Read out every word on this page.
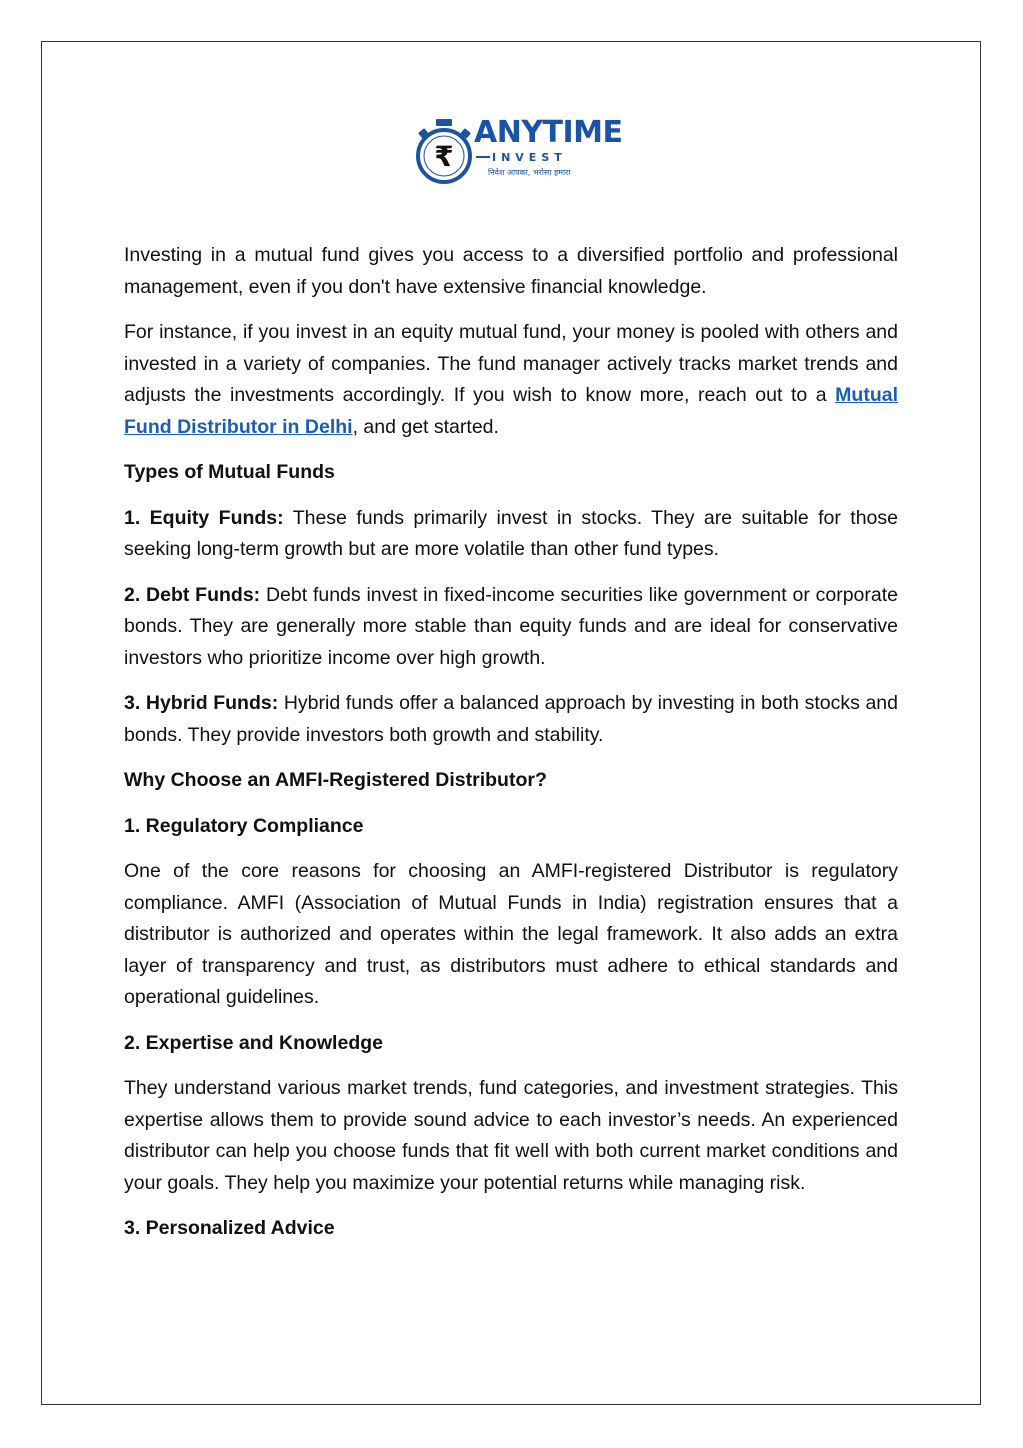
₹
ANYTIME
INVEST
निवेश आपका, भरोसा हमारा

Investing in a mutual fund gives you access to a diversified portfolio and professional management, even if you don't have extensive financial knowledge.

For instance, if you invest in an equity mutual fund, your money is pooled with others and invested in a variety of companies. The fund manager actively tracks market trends and adjusts the investments accordingly. If you wish to know more, reach out to a Mutual Fund Distributor in Delhi, and get started.

Types of Mutual Funds

1. Equity Funds: These funds primarily invest in stocks. They are suitable for those seeking long-term growth but are more volatile than other fund types.

2. Debt Funds: Debt funds invest in fixed-income securities like government or corporate bonds. They are generally more stable than equity funds and are ideal for conservative investors who prioritize income over high growth.

3. Hybrid Funds: Hybrid funds offer a balanced approach by investing in both stocks and bonds. They provide investors both growth and stability.

Why Choose an AMFI-Registered Distributor?

1. Regulatory Compliance

One of the core reasons for choosing an AMFI-registered Distributor is regulatory compliance. AMFI (Association of Mutual Funds in India) registration ensures that a distributor is authorized and operates within the legal framework. It also adds an extra layer of transparency and trust, as distributors must adhere to ethical standards and operational guidelines.

2. Expertise and Knowledge

They understand various market trends, fund categories, and investment strategies. This expertise allows them to provide sound advice to each investor’s needs. An experienced distributor can help you choose funds that fit well with both current market conditions and your goals. They help you maximize your potential returns while managing risk.

3. Personalized Advice
